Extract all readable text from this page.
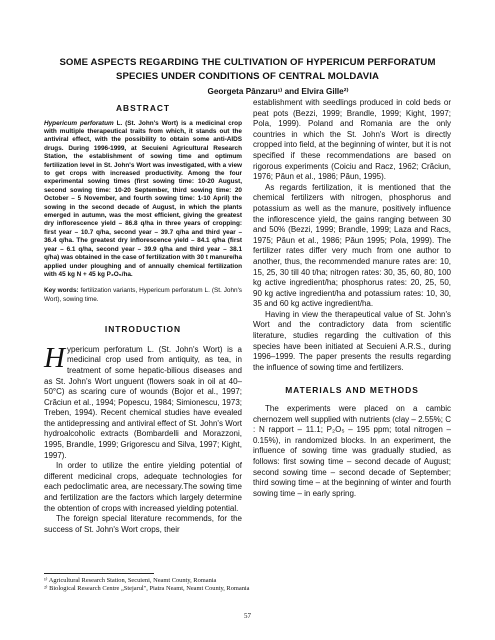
SOME ASPECTS REGARDING THE CULTIVATION OF HYPERICUM PERFORATUM
SPECIES UNDER CONDITIONS OF CENTRAL MOLDAVIA
Georgeta Pânzaru¹⁾ and Elvira Gille²⁾
ABSTRACT

Hypericum perforatum L. (St. John's Wort) is a medicinal crop with multiple therapeutical traits from which, it stands out the antiviral effect, with the possibility to obtain some anti-AIDS drugs. During 1996-1999, at Secuieni Agricultural Research Station, the establishment of sowing time and optimum fertilization level in St. John's Wort was investigated, with a view to get crops with increased productivity. Among the four experimental sowing times (first sowing time: 10-20 August, second sowing time: 10-20 September, third sowing time: 20 October – 5 November, and fourth sowing time: 1-10 April) the sowing in the second decade of August, in which the plants emerged in autumn, was the most efficient, giving the greatest dry inflorescence yield – 86.8 q/ha in three years of cropping: first year – 10.7 q/ha, second year – 39.7 q/ha and third year – 36.4 q/ha. The greatest dry inflorescence yield – 84.1 q/ha (first year – 6.1 q/ha, second year – 39.9 q/ha and third year – 38.1 q/ha) was obtained in the case of fertilization with 30 t manure/ha applied under ploughing and of annually chemical fertilization with 45 kg N + 45 kg P₂O₅/ha.

Key words: fertilization variants, Hypericum perforatum L. (St. John's Wort), sowing time.

INTRODUCTION

Hypericum perforatum L. (St. John's Wort) is a medicinal crop used from antiquity, as tea, in treatment of some hepatic-bilious diseases and as St. John's Wort unguent (flowers soak in oil at 40–50°C) as scaring cure of wounds (Bojor et al., 1997; Crăciun et al., 1994; Popescu, 1984; Simionescu, 1973; Treben, 1994). Recent chemical studies have evealed the antidepressing and antiviral effect of St. John's Wort hydroalcoholic extracts (Bombardelli and Morazzoni, 1995, Brandle, 1999; Grigorescu and Silva, 1997; Kight, 1997).

In order to utilize the entire yielding potential of different medicinal crops, adequate technologies for each pedoclimatic area, are necessary.The sowing time and fertilization are the factors which largely determine the obtention of crops with increased yielding potential.

The foreign special literature recommends, for the success of St. John's Wort crops, their

establishment with seedlings produced in cold beds or peat pots (Bezzi, 1999; Brandle, 1999; Kight, 1997; Pola, 1999). Poland and Romania are the only countries in which the St. John's Wort is directly cropped into field, at the beginning of winter, but it is not specified if these recommendations are based on rigorous experiments (Coiciu and Racz, 1962; Crăciun, 1976; Păun et al., 1986; Păun, 1995).

As regards fertilization, it is mentioned that the chemical fertilizers with nitrogen, phosphorus and potassium as well as the manure, positively influence the inflorescence yield, the gains ranging between 30 and 50% (Bezzi, 1999; Brandle, 1999; Laza and Racs, 1975; Păun et al., 1986; Păun 1995; Pola, 1999). The fertilizer rates differ very much from one author to another, thus, the recommended manure rates are: 10, 15, 25, 30 till 40 t/ha; nitrogen rates: 30, 35, 60, 80, 100 kg active ingredient/ha; phosphorus rates: 20, 25, 50, 90 kg active ingredient/ha and potassium rates: 10, 30, 35 and 60 kg active ingredient/ha.

Having in view the therapeutical value of St. John's Wort and the contradictory data from scientific literature, studies regarding the cultivation of this species have been initiated at Secuieni A.R.S., during 1996–1999. The paper presents the results regarding the influence of sowing time and fertilizers.

MATERIALS AND METHODS

The experiments were placed on a cambic chernozem well supplied with nutrients (clay – 2.55%; C : N rapport – 11.1; P₂O₅ – 195 ppm; total nitrogen – 0.15%), in randomized blocks. In an experiment, the influence of sowing time was gradually studied, as follows: first sowing time – second decade of August; second sowing time – second decade of September; third sowing time – at the beginning of winter and fourth sowing time – in early spring.

¹⁾ Agricultural Research Station, Secuieni, Neamt County, Romania
²⁾ Biological Research Centre „Stejarul", Piatra Neamt, Neamt County, Romania
57
